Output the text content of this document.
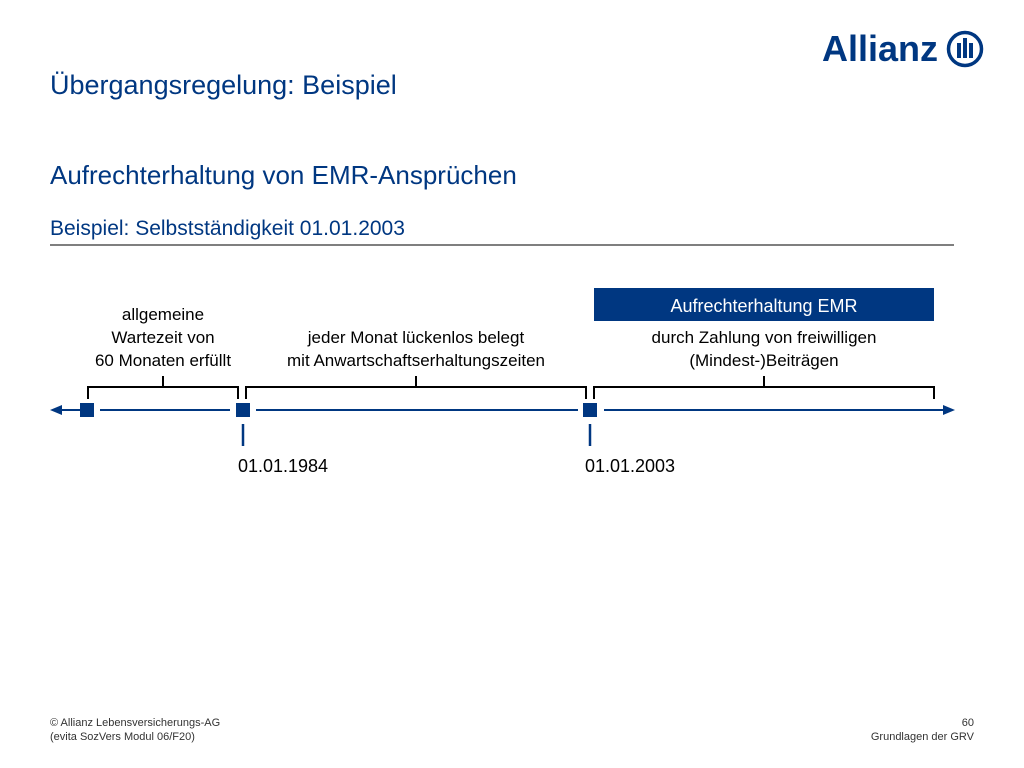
Übergangsregelung: Beispiel
Allianz
Aufrechterhaltung von EMR-Ansprüchen
Beispiel: Selbstständigkeit 01.01.2003
Aufrechterhaltung EMR
allgemeine
Wartezeit von
60 Monaten erfüllt
jeder Monat lückenlos belegt
mit Anwartschaftserhaltungszeiten
durch Zahlung von freiwilligen
(Mindest-)Beiträgen
01.01.1984	01.01.2003
© Allianz Lebensversicherungs-AG
(evita SozVers Modul 06/F20)
60
Grundlagen der GRV
